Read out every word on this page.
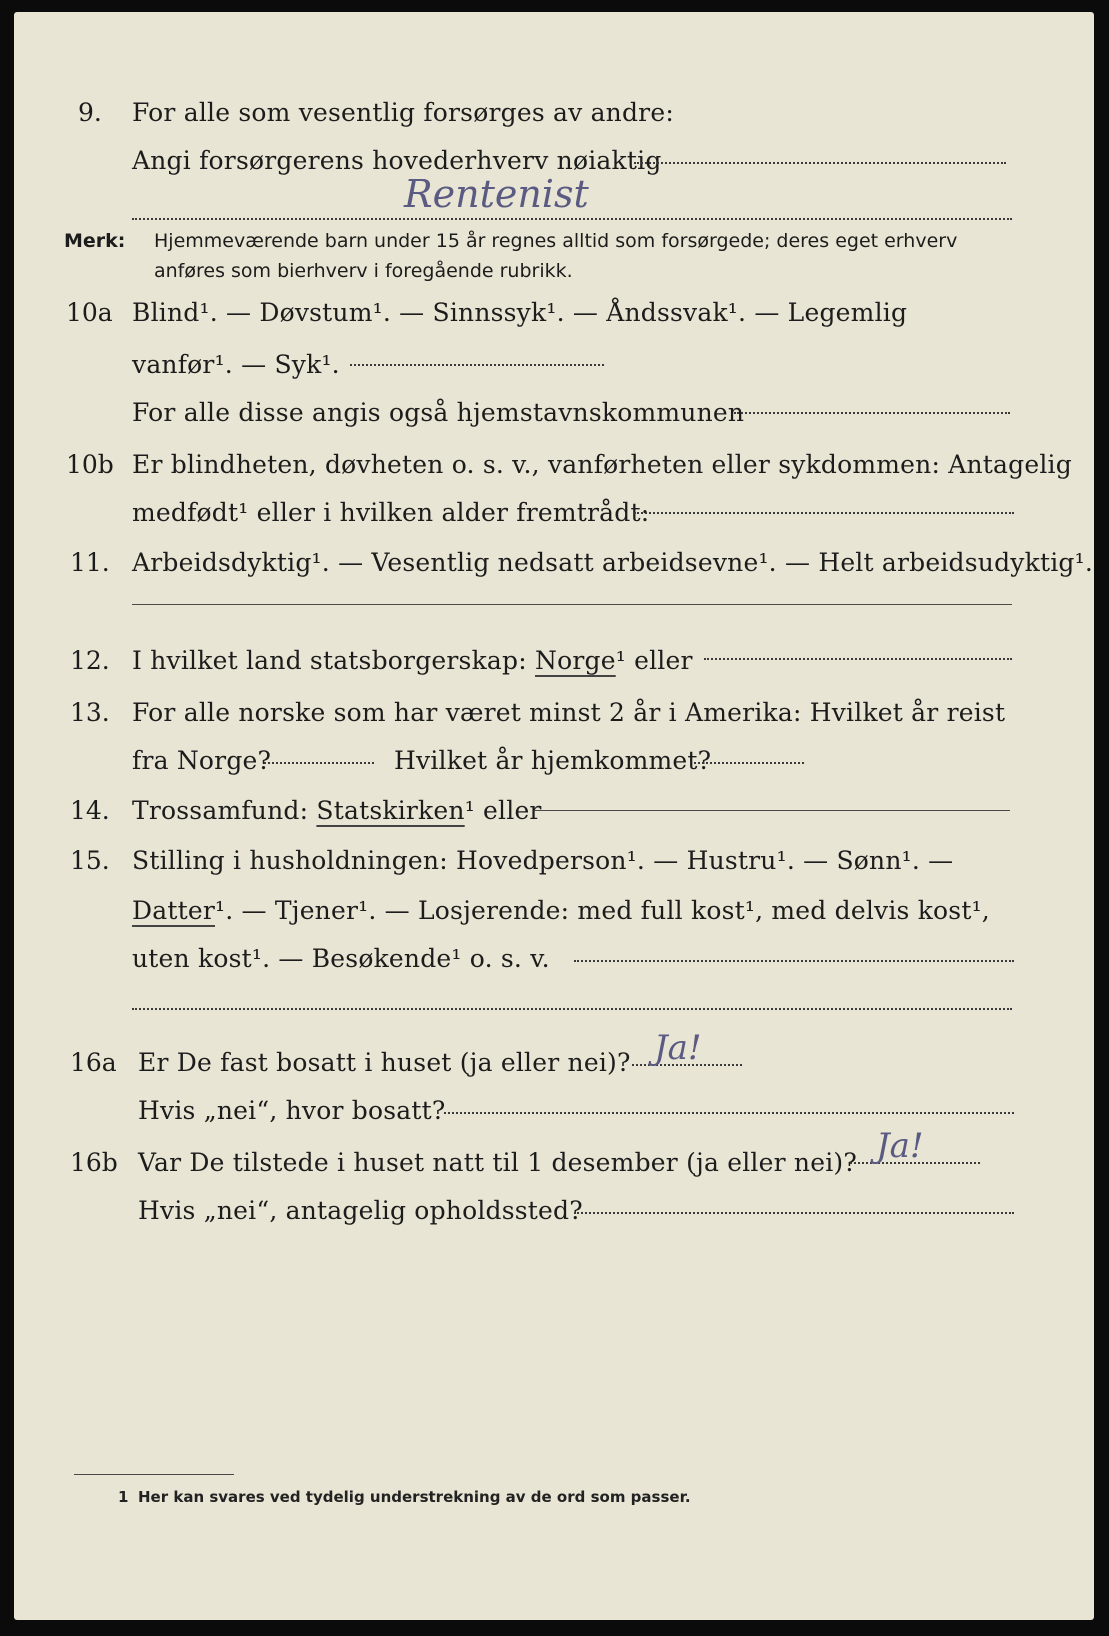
9. For alle som vesentlig forsørges av andre:
Angi forsørgerens hovederhverv nøiaktig
Rentenist
Merk: Hjemmeværende barn under 15 år regnes alltid som forsørgede; deres eget erhverv
anføres som bierhverv i foregående rubrikk.
10a Blind¹. — Døvstum¹. — Sinnssyk¹. — Åndssvak¹. — Legemlig
vanfør¹. — Syk¹.
For alle disse angis også hjemstavnskommunen
10b Er blindheten, døvheten o. s. v., vanførheten eller sykdommen: Antagelig
medfødt¹ eller i hvilken alder fremtrådt:
11. Arbeidsdyktig¹. — Vesentlig nedsatt arbeidsevne¹. — Helt arbeidsudyktig¹.
12. I hvilket land statsborgerskap: Norge¹ eller
13. For alle norske som har været minst 2 år i Amerika: Hvilket år reist
fra Norge?	Hvilket år hjemkommet?
14. Trossamfund: Statskirken¹ eller
15. Stilling i husholdningen: Hovedperson¹. — Hustru¹. — Sønn¹. —
Datter¹. — Tjener¹. — Losjerende: med full kost¹, med delvis kost¹,
uten kost¹. — Besøkende¹ o. s. v.
16a Er De fast bosatt i huset (ja eller nei)? Ja!
Hvis „nei“, hvor bosatt?
16b Var De tilstede i huset natt til 1 desember (ja eller nei)? Ja!
Hvis „nei“, antagelig opholdssted?
1 Her kan svares ved tydelig understrekning av de ord som passer.
